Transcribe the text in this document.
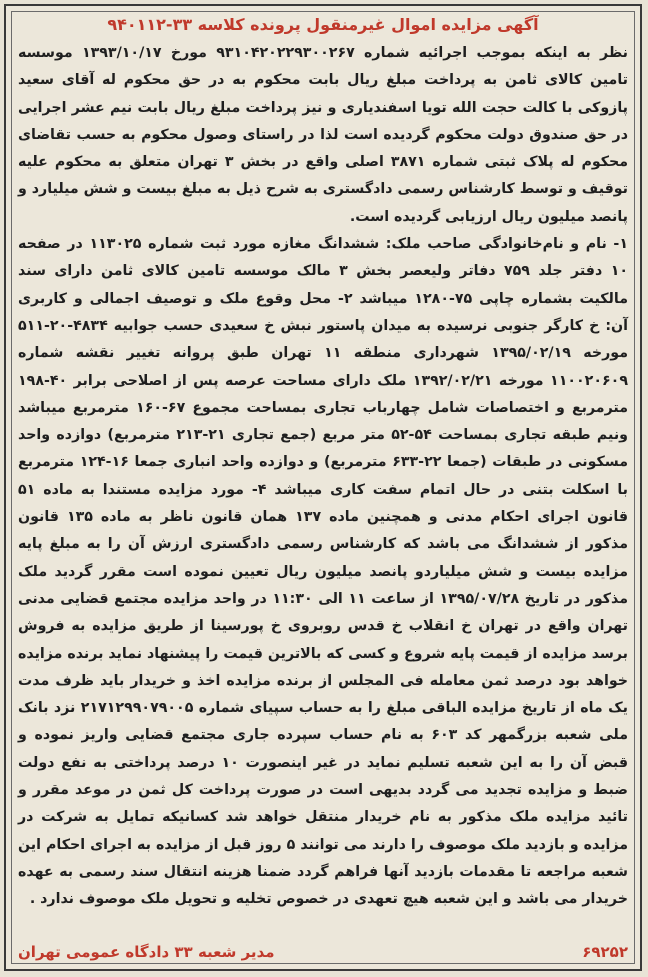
آگهی مزایده اموال غیرمنقول پرونده کلاسه ۳۳-۹۴۰۱۱۲

نظر به اینکه بموجب اجرائیه شماره ۹۳۱۰۴۲۰۲۲۹۳۰۰۲۶۷ مورخ ۱۳۹۳/۱۰/۱۷ موسسه تامین کالای ثامن به پرداخت مبلغ ریال بابت محکوم به در حق محکوم له آقای سعید پازوکی با کالت حجت الله تویا اسفندیاری و نیز پرداخت مبلغ ریال بابت نیم عشر اجرایی در حق صندوق دولت محکوم گردیده است لذا در راستای وصول محکوم به حسب تقاضای محکوم له پلاک ثبتی شماره ۳۸۷۱ اصلی واقع در بخش ۳ تهران متعلق به محکوم علیه توقیف و توسط کارشناس رسمی دادگستری به شرح ذیل به مبلغ بیست و شش میلیارد و پانصد میلیون ریال ارزیابی گردیده است.

۱- نام و نام‌خانوادگی صاحب ملک: ششدانگ مغازه مورد ثبت شماره ۱۱۳۰۲۵ در صفحه ۱۰ دفتر جلد ۷۵۹ دفاتر ولیعصر بخش ۳ مالک موسسه تامین کالای ثامن دارای سند مالکیت بشماره چاپی ۷۵-۱۲۸۰ میباشد ۲- محل وقوع ملک و توصیف اجمالی و کاربری آن: خ کارگر جنوبی نرسیده به میدان پاستور نبش خ سعیدی حسب جوابیه ۴۸۳۴-۲۰-۵۱۱ مورخه ۱۳۹۵/۰۲/۱۹ شهرداری منطقه ۱۱ تهران طبق پروانه تغییر نقشه شماره ۱۱۰۰۲۰۶۰۹ مورخه ۱۳۹۲/۰۲/۲۱ ملک دارای مساحت عرصه پس از اصلاحی برابر ۴۰-۱۹۸ مترمربع و اختصاصات شامل چهارباب تجاری بمساحت مجموع ۶۷-۱۶۰ مترمربع میباشد ونیم طبقه تجاری بمساحت ۵۴-۵۲ متر مربع (جمع تجاری ۲۱-۲۱۳ مترمربع) دوازده واحد مسکونی در طبقات (جمعا ۲۲-۶۳۳ مترمربع) و دوازده واحد انباری جمعا ۱۶-۱۲۴ مترمربع با اسکلت بتنی در حال اتمام سفت کاری میباشد ۴- مورد مزایده مستندا به ماده ۵۱ قانون اجرای احکام مدنی و همچنین ماده ۱۳۷ همان قانون ناظر به ماده ۱۳۵ قانون مذکور از ششدانگ می باشد که کارشناس رسمی دادگستری ارزش آن را به مبلغ پایه مزایده بیست و شش میلیاردو پانصد میلیون ریال تعیین نموده است مقرر گردید ملک مذکور در تاریخ ۱۳۹۵/۰۷/۲۸ از ساعت ۱۱ الی ۱۱:۳۰ در واحد مزایده مجتمع قضایی مدنی تهران واقع در تهران خ انقلاب خ قدس روبروی خ پورسینا از طریق مزایده به فروش برسد مزایده از قیمت پایه شروع و کسی که بالاترین قیمت را پیشنهاد نماید برنده مزایده خواهد بود درصد ثمن معامله فی المجلس از برنده مزایده اخذ و خریدار باید ظرف مدت یک ماه از تاریخ مزایده الباقی مبلغ را به حساب سپیای شماره ۲۱۷۱۲۹۹۰۷۹۰۰۵ نزد بانک ملی شعبه بزرگمهر کد ۶۰۳ به نام حساب سپرده جاری مجتمع قضایی واریز نموده و قبض آن را به این شعبه تسلیم نماید در غیر اینصورت ۱۰ درصد پرداختی به نفع دولت ضبط و مزایده تجدید می گردد بدیهی است در صورت پرداخت کل ثمن در موعد مقرر و تائید مزایده ملک مذکور به نام خریدار منتقل خواهد شد کسانیکه تمایل به شرکت در مزایده و بازدید ملک موصوف را دارند می توانند ۵ روز قبل از مزایده به اجرای احکام این شعبه مراجعه تا مقدمات بازدید آنها فراهم گردد ضمنا هزینه انتقال سند رسمی به عهده خریدار می باشد و این شعبه هیچ تعهدی در خصوص تخلیه و تحویل ملک موصوف ندارد .

۶۹۲۵۲
مدیر شعبه ۳۳ دادگاه عمومی تهران
